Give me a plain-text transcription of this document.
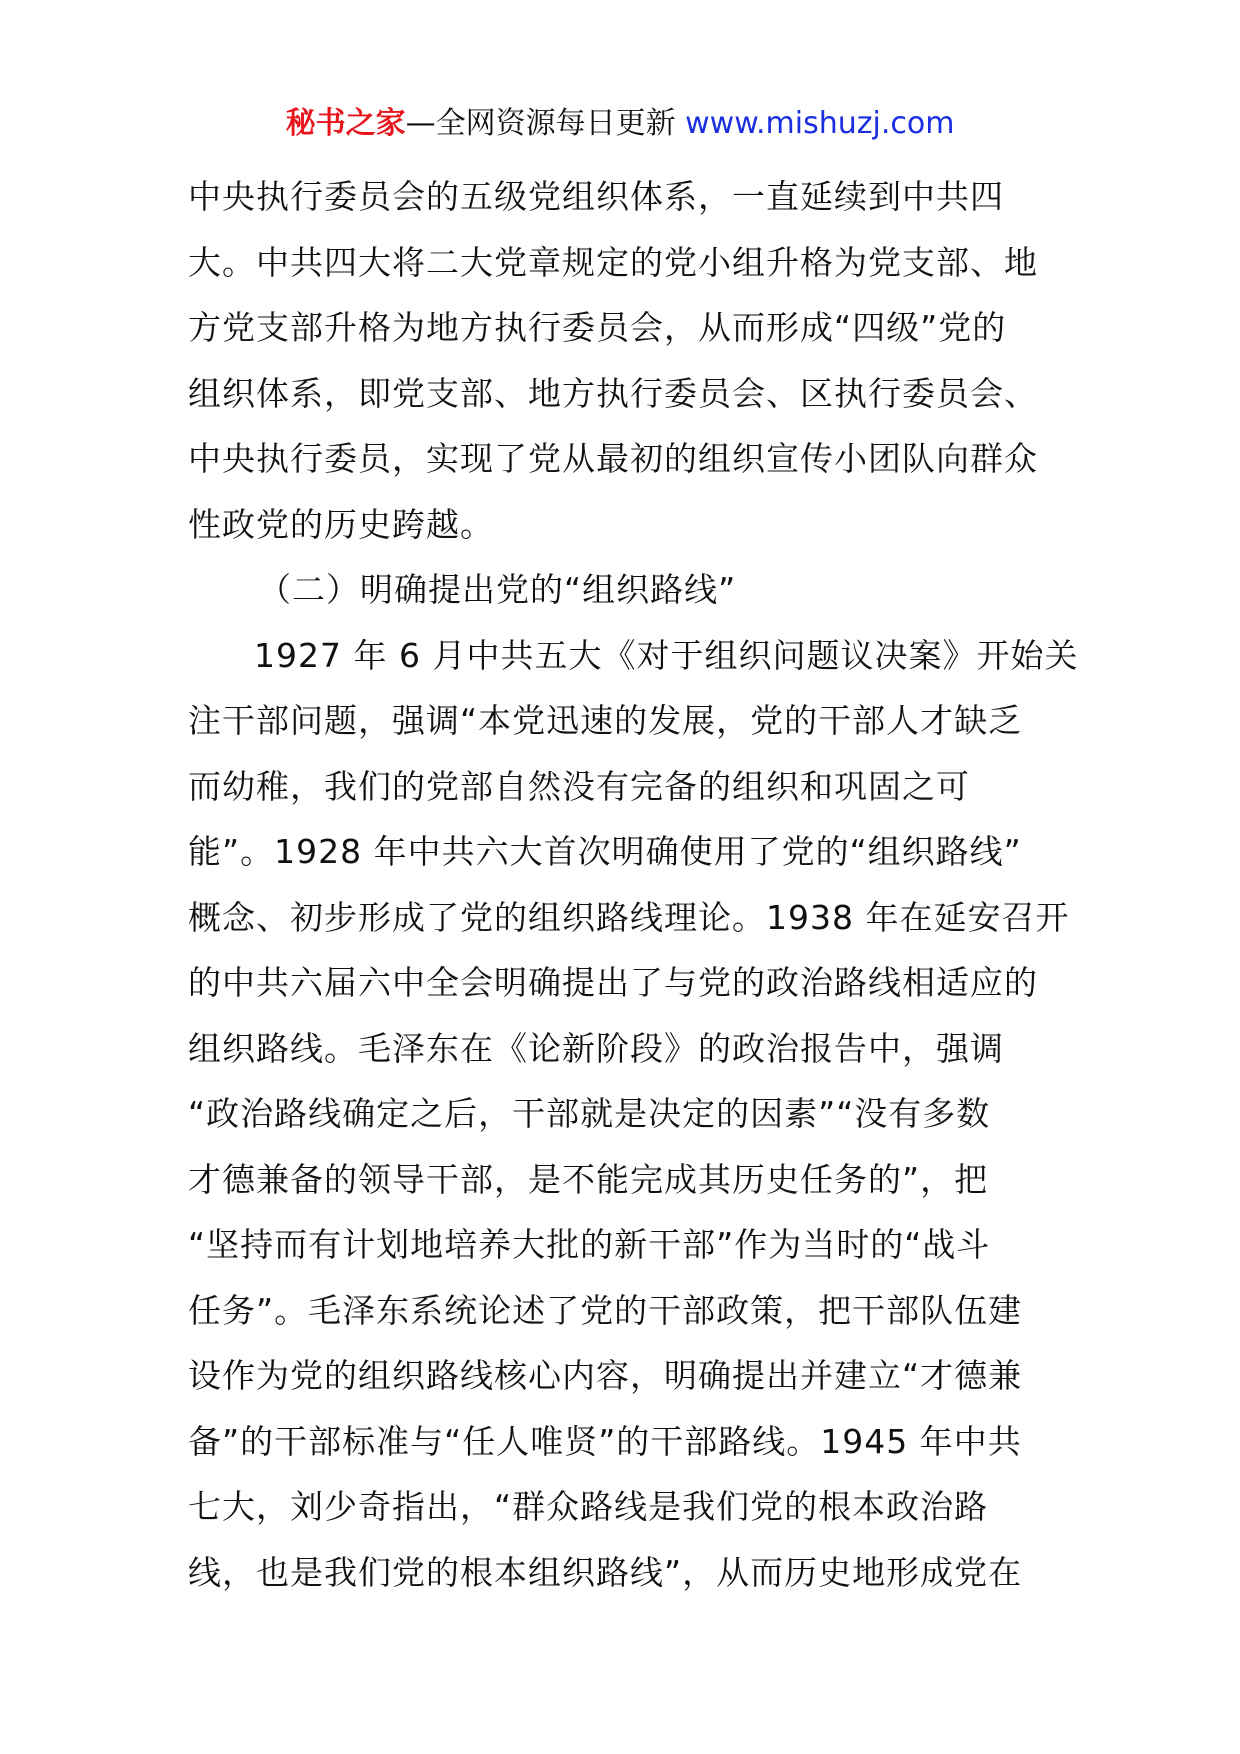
秘书之家—全网资源每日更新 www.mishuzj.com
中央执行委员会的五级党组织体系，一直延续到中共四
大。中共四大将二大党章规定的党小组升格为党支部、地
方党支部升格为地方执行委员会，从而形成“四级”党的
组织体系，即党支部、地方执行委员会、区执行委员会、
中央执行委员，实现了党从最初的组织宣传小团队向群众
性政党的历史跨越。
（二）明确提出党的“组织路线”
1927 年 6 月中共五大《对于组织问题议决案》开始关
注干部问题，强调“本党迅速的发展，党的干部人才缺乏
而幼稚，我们的党部自然没有完备的组织和巩固之可
能”。1928 年中共六大首次明确使用了党的“组织路线”
概念、初步形成了党的组织路线理论。1938 年在延安召开
的中共六届六中全会明确提出了与党的政治路线相适应的
组织路线。毛泽东在《论新阶段》的政治报告中，强调
“政治路线确定之后，干部就是决定的因素”“没有多数
才德兼备的领导干部，是不能完成其历史任务的”，把
“坚持而有计划地培养大批的新干部”作为当时的“战斗
任务”。毛泽东系统论述了党的干部政策，把干部队伍建
设作为党的组织路线核心内容，明确提出并建立“才德兼
备”的干部标准与“任人唯贤”的干部路线。1945 年中共
七大，刘少奇指出，“群众路线是我们党的根本政治路
线，也是我们党的根本组织路线”，从而历史地形成党在
